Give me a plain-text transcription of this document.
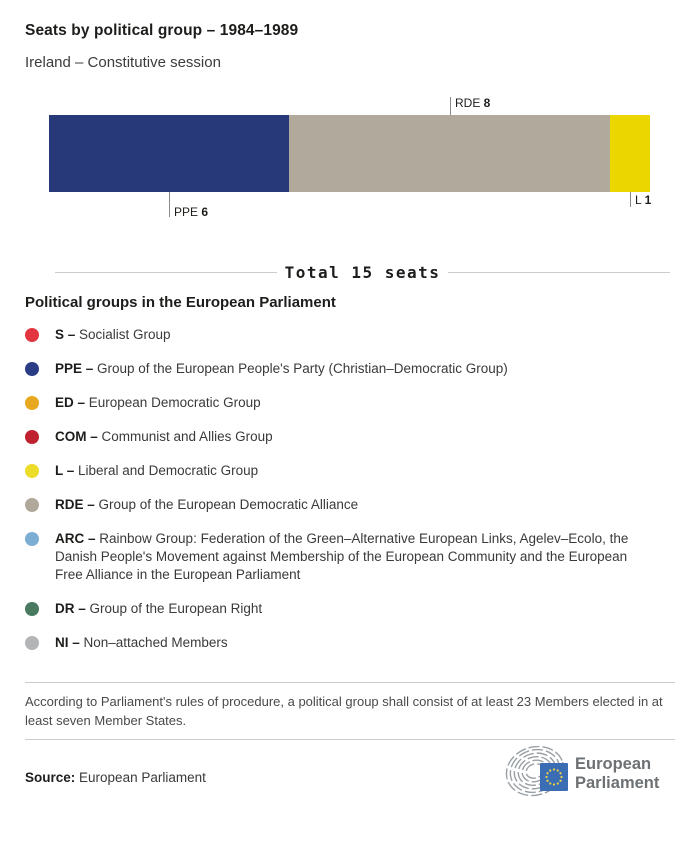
Seats by political group – 1984–1989
Ireland – Constitutive session
PPE 6
RDE 8
L 1
Total 15 seats
Political groups in the European Parliament
S – Socialist Group
PPE – Group of the European People's Party (Christian–Democratic Group)
ED – European Democratic Group
COM – Communist and Allies Group
L – Liberal and Democratic Group
RDE – Group of the European Democratic Alliance
ARC – Rainbow Group: Federation of the Green–Alternative European Links, Agelev–Ecolo, the Danish People's Movement against Membership of the European Community and the European Free Alliance in the European Parliament
DR – Group of the European Right
NI – Non–attached Members

According to Parliament's rules of procedure, a political group shall consist of at least 23 Members elected in at least seven Member States.

Source: European Parliament
European
Parliament
